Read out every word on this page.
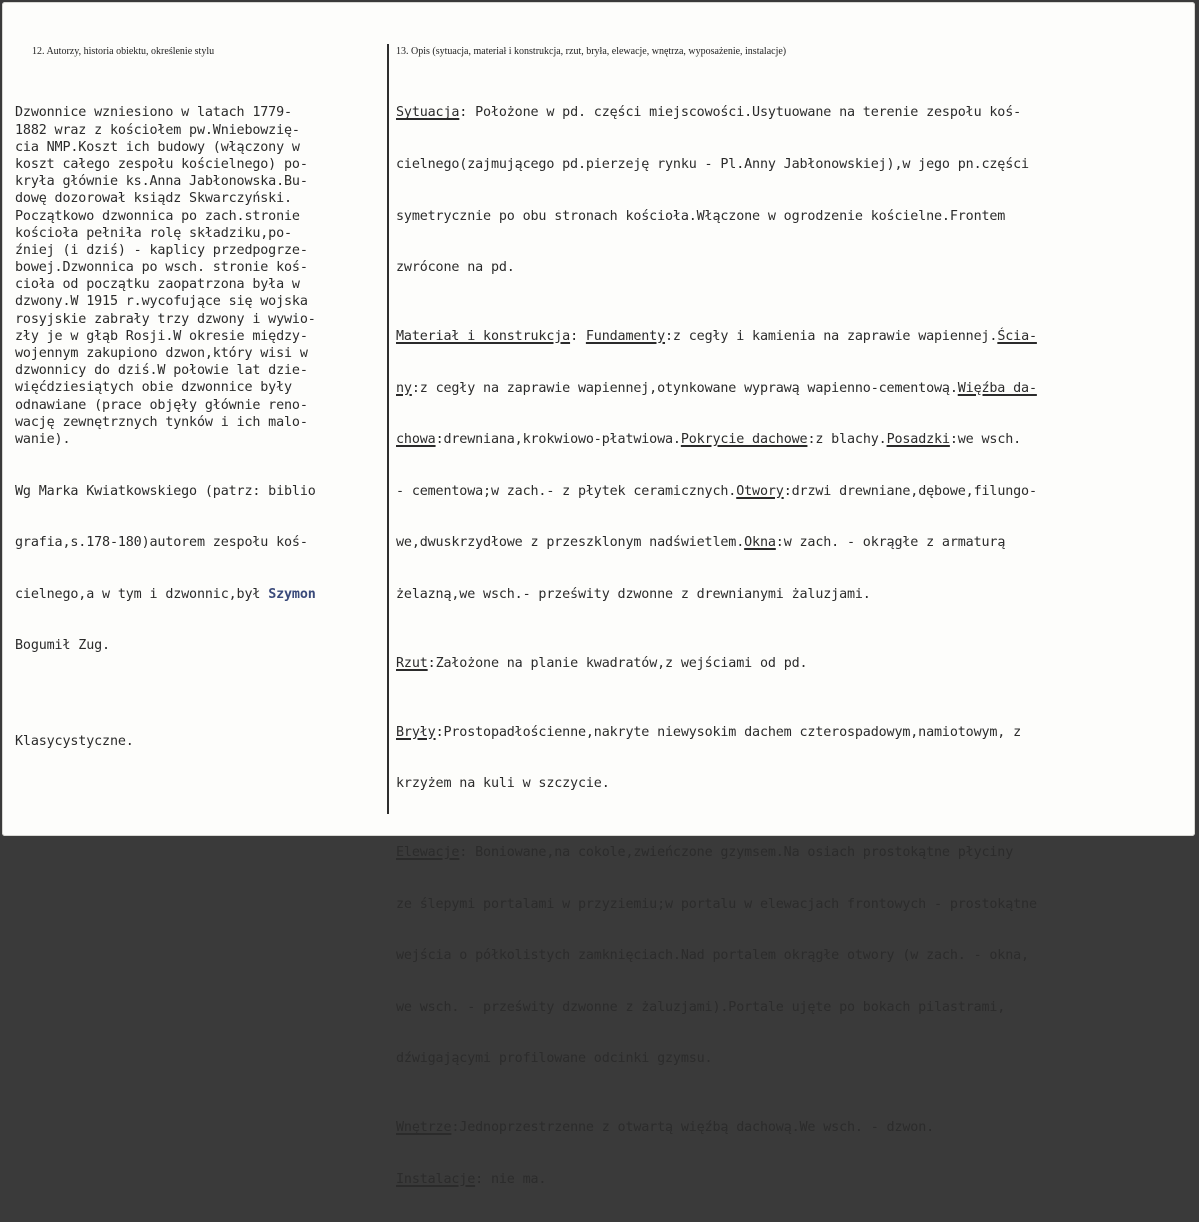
12. Autorzy, historia obiektu, określenie stylu	13. Opis (sytuacja, materiał i konstrukcja, rzut, bryła, elewacje, wnętrza, wyposażenie, instalacje)

Dzwonnice wzniesiono w latach 1779-
1882 wraz z kościołem pw.Wniebowzię-
cia NMP.Koszt ich budowy (włączony w
koszt całego zespołu kościelnego) po-
kryła głównie ks.Anna Jabłonowska.Bu-
dowę dozorował ksiądz Skwarczyński.
Początkowo dzwonnica po zach.stronie
kościoła pełniła rolę składziku,po-
źniej (i dziś) - kaplicy przedpogrze-
bowej.Dzwonnica po wsch. stronie koś-
cioła od początku zaopatrzona była w
dzwony.W 1915 r.wycofujące się wojska
rosyjskie zabrały trzy dzwony i wywio-
zły je w głąb Rosji.W okresie między-
wojennym zakupiono dzwon,który wisi w
dzwonnicy do dziś.W połowie lat dzie-
więćdziesiątych obie dzwonnice były
odnawiane (prace objęły głównie reno-
wację zewnętrznych tynków i ich malo-
wanie).

Wg Marka Kwiatkowskiego (patrz: biblio

grafia,s.178-180)autorem zespołu koś-

cielnego,a w tym i dzwonnic,był Szymon

Bogumił Zug.

Klasycystyczne.

Sytuacja: Położone w pd. części miejscowości.Usytuowane na terenie zespołu koś-

cielnego(zajmującego pd.pierzeję rynku - Pl.Anny Jabłonowskiej),w jego pn.części

symetrycznie po obu stronach kościoła.Włączone w ogrodzenie kościelne.Frontem

zwrócone na pd.

Materiał i konstrukcja: Fundamenty:z cegły i kamienia na zaprawie wapiennej.Ścia-

ny:z cegły na zaprawie wapiennej,otynkowane wyprawą wapienno-cementową.Więźba da-

chowa:drewniana,krokwiowo-płatwiowa.Pokrycie dachowe:z blachy.Posadzki:we wsch.

- cementowa;w zach.- z płytek ceramicznych.Otwory:drzwi drewniane,dębowe,filungo-

we,dwuskrzydłowe z przeszklonym nadświetlem.Okna:w zach. - okrągłe z armaturą

żelazną,we wsch.- prześwity dzwonne z drewnianymi żaluzjami.

Rzut:Założone na planie kwadratów,z wejściami od pd.

Bryły:Prostopadłościenne,nakryte niewysokim dachem czterospadowym,namiotowym, z

krzyżem na kuli w szczycie.

Elewacje: Boniowane,na cokole,zwieńczone gzymsem.Na osiach prostokątne płyciny

ze ślepymi portalami w przyziemiu;w portalu w elewacjach frontowych - prostokątne

wejścia o półkolistych zamknięciach.Nad portalem okrągłe otwory (w zach. - okna,

we wsch. - prześwity dzwonne z żaluzjami).Portale ujęte po bokach pilastrami,

dźwigającymi profilowane odcinki gzymsu.

Wnętrze:Jednoprzestrzenne z otwartą więźbą dachową.We wsch. - dzwon.

Instalacje: nie ma.
